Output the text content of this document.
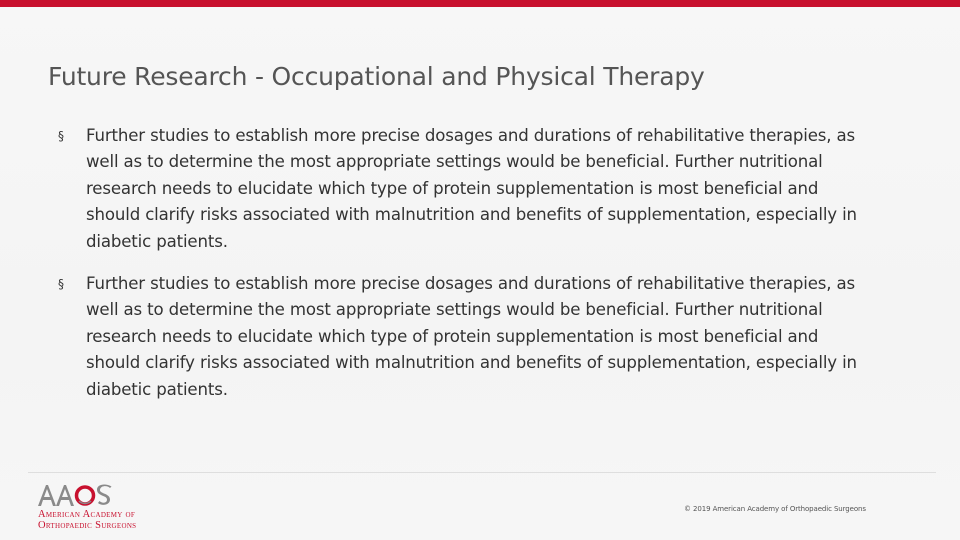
Future Research - Occupational and Physical Therapy
§ Further studies to establish more precise dosages and durations of rehabilitative therapies, as well as to determine the most appropriate settings would be beneficial. Further nutritional research needs to elucidate which type of protein supplementation is most beneficial and should clarify risks associated with malnutrition and benefits of supplementation, especially in diabetic patients.
§ Further studies to establish more precise dosages and durations of rehabilitative therapies, as well as to determine the most appropriate settings would be beneficial. Further nutritional research needs to elucidate which type of protein supplementation is most beneficial and should clarify risks associated with malnutrition and benefits of supplementation, especially in diabetic patients.
American Academy of
Orthopaedic Surgeons
© 2019 American Academy of Orthopaedic Surgeons
